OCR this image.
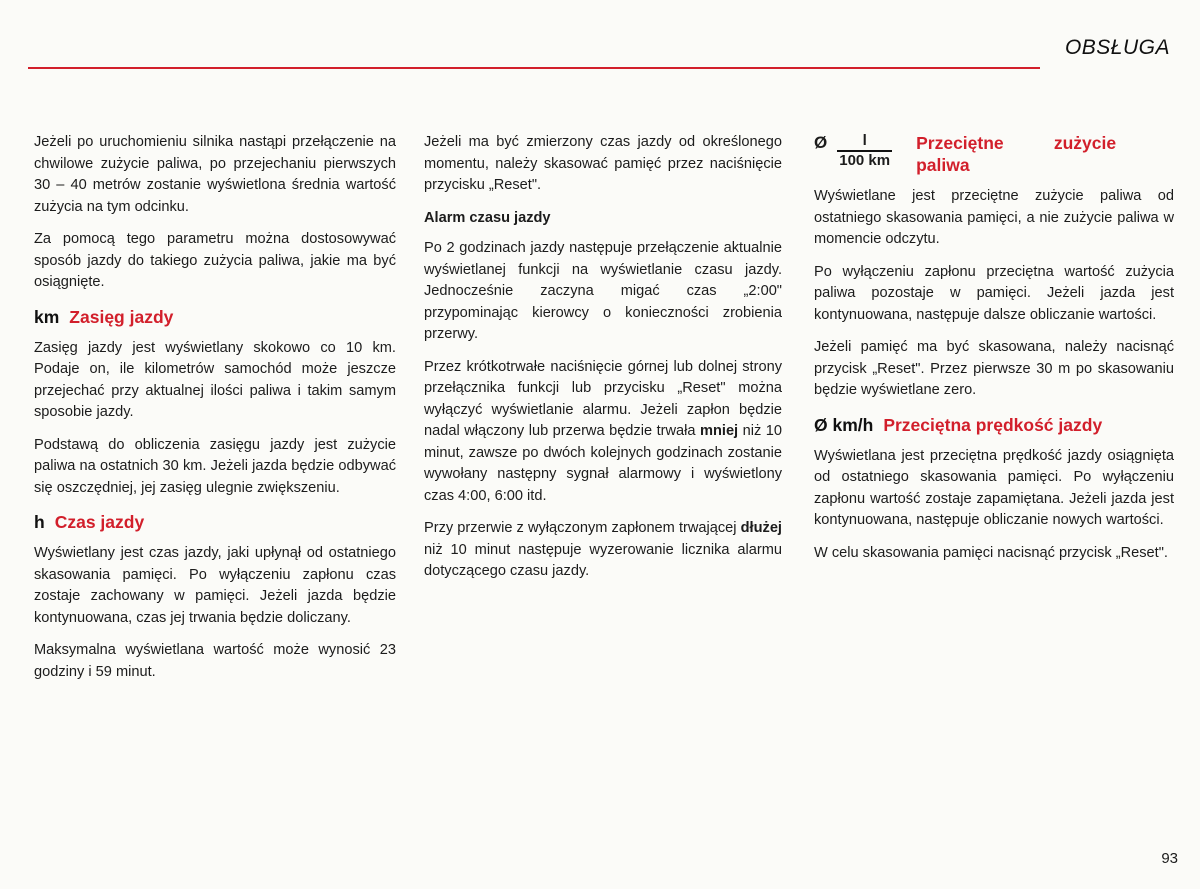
OBSŁUGA

Jeżeli po uruchomieniu silnika nastąpi przełączenie na chwilowe zużycie paliwa, po przejechaniu pierwszych 30 – 40 metrów zostanie wyświetlona średnia wartość zużycia na tym odcinku.

Za pomocą tego parametru można dostosowywać sposób jazdy do takiego zużycia paliwa, jakie ma być osiągnięte.

km Zasięg jazdy

Zasięg jazdy jest wyświetlany skokowo co 10 km. Podaje on, ile kilometrów samochód może jeszcze przejechać przy aktualnej ilości paliwa i takim samym sposobie jazdy.

Podstawą do obliczenia zasięgu jazdy jest zużycie paliwa na ostatnich 30 km. Jeżeli jazda będzie odbywać się oszczędniej, jej zasięg ulegnie zwiększeniu.

h Czas jazdy

Wyświetlany jest czas jazdy, jaki upłynął od ostatniego skasowania pamięci. Po wyłączeniu zapłonu czas zostaje zachowany w pamięci. Jeżeli jazda będzie kontynuowana, czas jej trwania będzie doliczany.

Maksymalna wyświetlana wartość może wynosić 23 godziny i 59 minut.

Jeżeli ma być zmierzony czas jazdy od określonego momentu, należy skasować pamięć przez naciśnięcie przycisku „Reset".

Alarm czasu jazdy

Po 2 godzinach jazdy następuje przełączenie aktualnie wyświetlanej funkcji na wyświetlanie czasu jazdy. Jednocześnie zaczyna migać czas „2:00" przypominając kierowcy o konieczności zrobienia przerwy.

Przez krótkotrwałe naciśnięcie górnej lub dolnej strony przełącznika funkcji lub przycisku „Reset" można wyłączyć wyświetlanie alarmu. Jeżeli zapłon będzie nadal włączony lub przerwa będzie trwała mniej niż 10 minut, zawsze po dwóch kolejnych godzinach zostanie wywołany następny sygnał alarmowy i wyświetlony czas 4:00, 6:00 itd.

Przy przerwie z wyłączonym zapłonem trwającej dłużej niż 10 minut następuje wyzerowanie licznika alarmu dotyczącego czasu jazdy.

Ø $\frac{l}{100 km}$	Przeciętne zużycie paliwa

Wyświetlane jest przeciętne zużycie paliwa od ostatniego skasowania pamięci, a nie zużycie paliwa w momencie odczytu.

Po wyłączeniu zapłonu przeciętna wartość zużycia paliwa pozostaje w pamięci. Jeżeli jazda jest kontynuowana, następuje dalsze obliczanie wartości.

Jeżeli pamięć ma być skasowana, należy nacisnąć przycisk „Reset". Przez pierwsze 30 m po skasowaniu będzie wyświetlane zero.

Ø km/h Przeciętna prędkość jazdy

Wyświetlana jest przeciętna prędkość jazdy osiągnięta od ostatniego skasowania pamięci. Po wyłączeniu zapłonu wartość zostaje zapamiętana. Jeżeli jazda jest kontynuowana, następuje obliczanie nowych wartości.

W celu skasowania pamięci nacisnąć przycisk „Reset".

93
